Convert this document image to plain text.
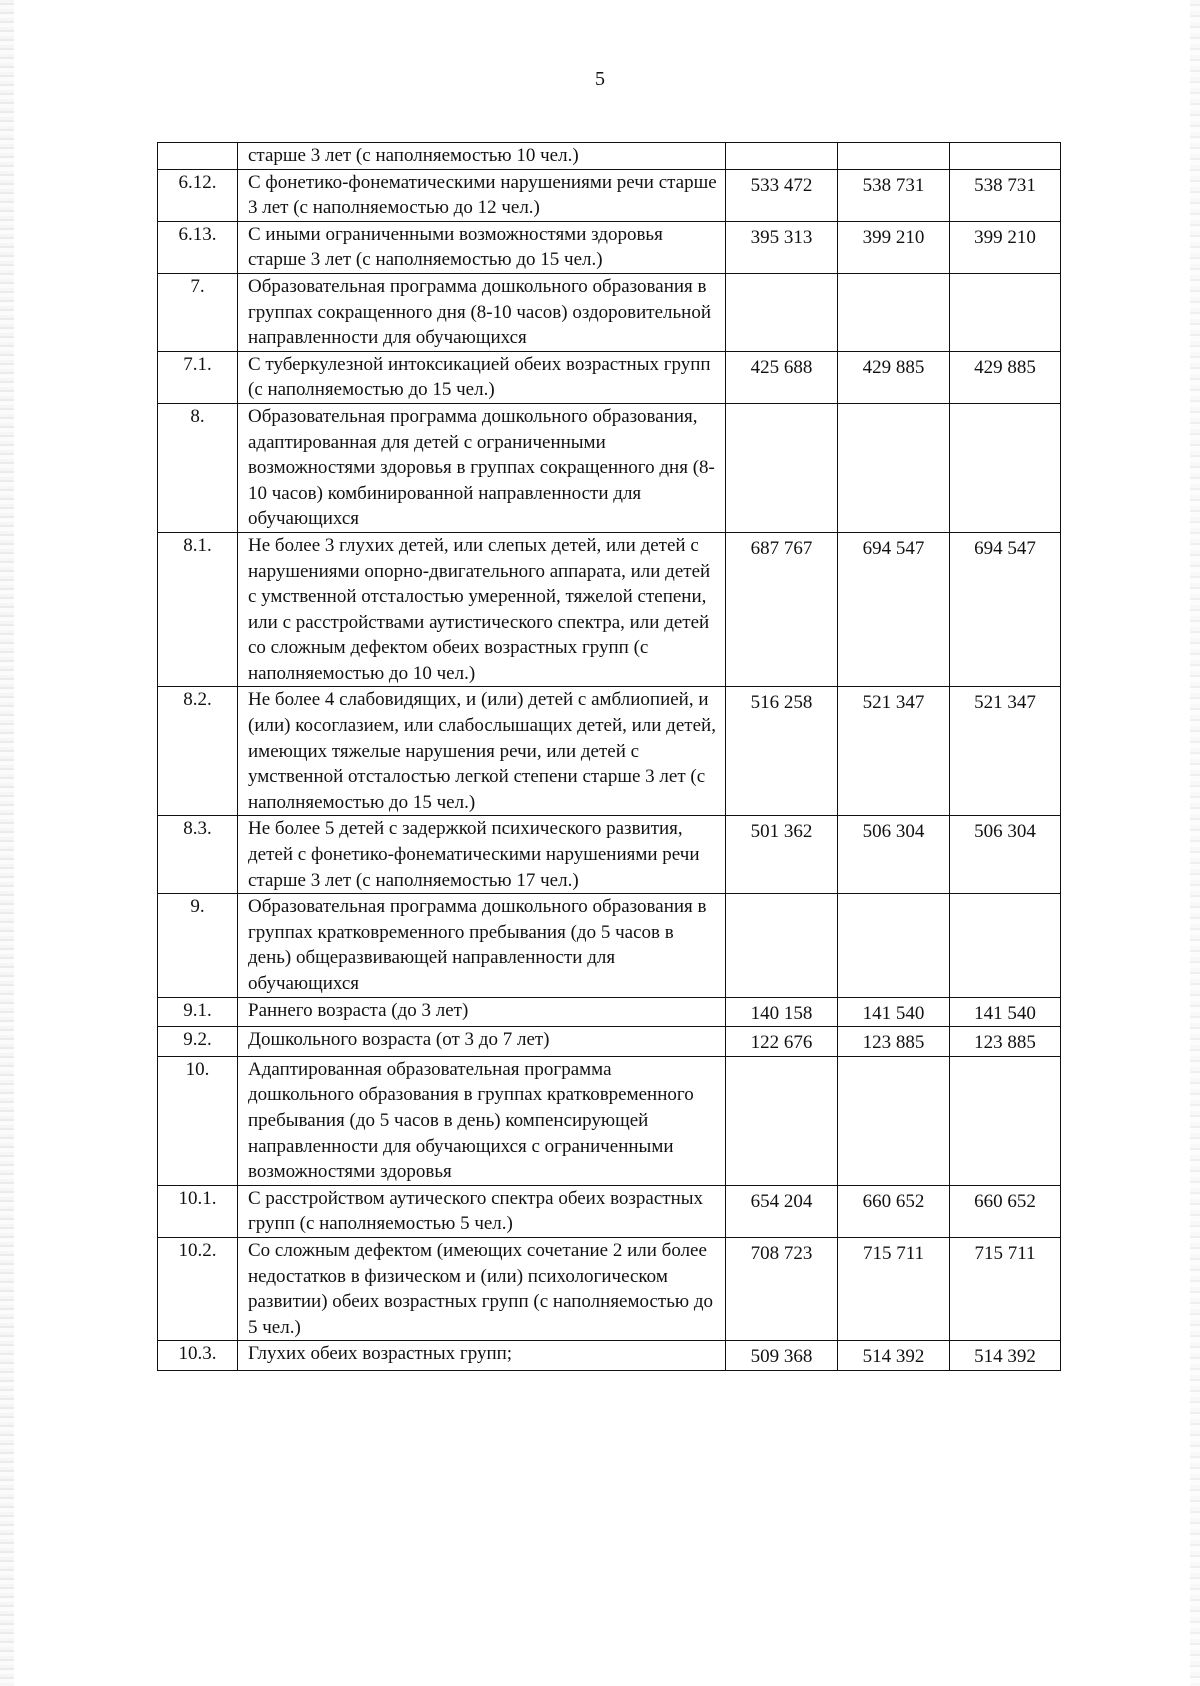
5
	старше 3 лет (с наполняемостью 10 чел.)			
6.12.	С фонетико-фонематическими нарушениями речи старше 3 лет (с наполняемостью до 12 чел.)	533 472	538 731	538 731
6.13.	С иными ограниченными возможностями здоровья старше 3 лет (с наполняемостью до 15 чел.)	395 313	399 210	399 210
7.	Образовательная программа дошкольного образования в группах сокращенного дня (8-10 часов) оздоровительной направленности для обучающихся			
7.1.	С туберкулезной интоксикацией обеих возрастных групп (с наполняемостью до 15 чел.)	425 688	429 885	429 885
8.	Образовательная программа дошкольного образования, адаптированная для детей с ограниченными возможностями здоровья в группах сокращенного дня (8-10 часов) комбинированной направленности для обучающихся			
8.1.	Не более 3 глухих детей, или слепых детей, или детей с нарушениями опорно-двигательного аппарата, или детей с умственной отсталостью умеренной, тяжелой степени, или с расстройствами аутистического спектра, или детей со сложным дефектом обеих возрастных групп (с наполняемостью до 10 чел.)	687 767	694 547	694 547
8.2.	Не более 4 слабовидящих, и (или) детей с амблиопией, и (или) косоглазием, или слабослышащих детей, или детей, имеющих тяжелые нарушения речи, или детей с умственной отсталостью легкой степени старше 3 лет (с наполняемостью до 15 чел.)	516 258	521 347	521 347
8.3.	Не более 5 детей с задержкой психического развития, детей с фонетико-фонематическими нарушениями речи старше 3 лет (с наполняемостью 17 чел.)	501 362	506 304	506 304
9.	Образовательная программа дошкольного образования в группах кратковременного пребывания (до 5 часов в день) общеразвивающей направленности для обучающихся			
9.1.	Раннего возраста (до 3 лет)	140 158	141 540	141 540
9.2.	Дошкольного возраста (от 3 до 7 лет)	122 676	123 885	123 885
10.	Адаптированная образовательная программа дошкольного образования в группах кратковременного пребывания (до 5 часов в день) компенсирующей направленности для обучающихся с ограниченными возможностями здоровья			
10.1.	С расстройством аутического спектра обеих возрастных групп (с наполняемостью 5 чел.)	654 204	660 652	660 652
10.2.	Со сложным дефектом (имеющих сочетание 2 или более недостатков в физическом и (или) психологическом развитии) обеих возрастных групп (с наполняемостью до 5 чел.)	708 723	715 711	715 711
10.3.	Глухих обеих возрастных групп;	509 368	514 392	514 392
